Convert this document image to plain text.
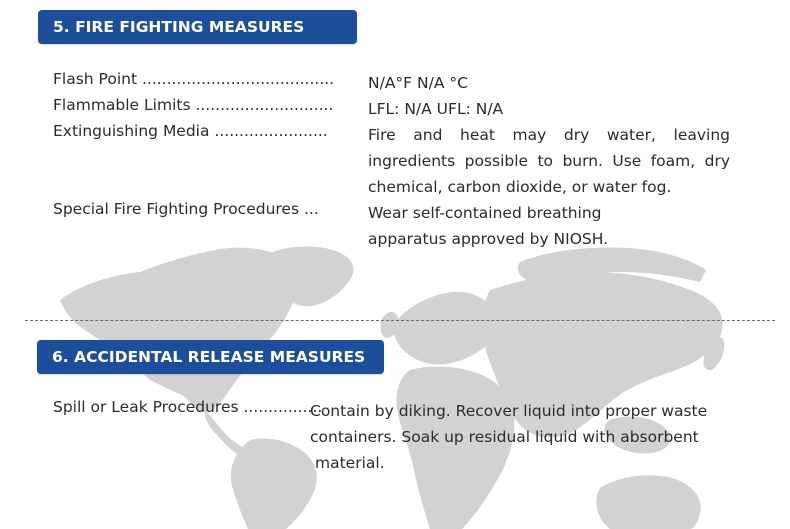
5. FIRE FIGHTING MEASURES
Flash Point ....................................... N/A°F N/A °C
Flammable Limits ............................ LFL: N/A UFL: N/A
Extinguishing Media .......................	Fire and heat may dry water, leaving ingredients possible to burn. Use foam, dry chemical, carbon dioxide, or water fog.
Special Fire Fighting Procedures ...	Wear self-contained breathing
apparatus approved by NIOSH.
6. ACCIDENTAL RELEASE MEASURES
Spill or Leak Procedures ................
Contain by diking. Recover liquid into proper waste
containers. Soak up residual liquid with absorbent
material.
